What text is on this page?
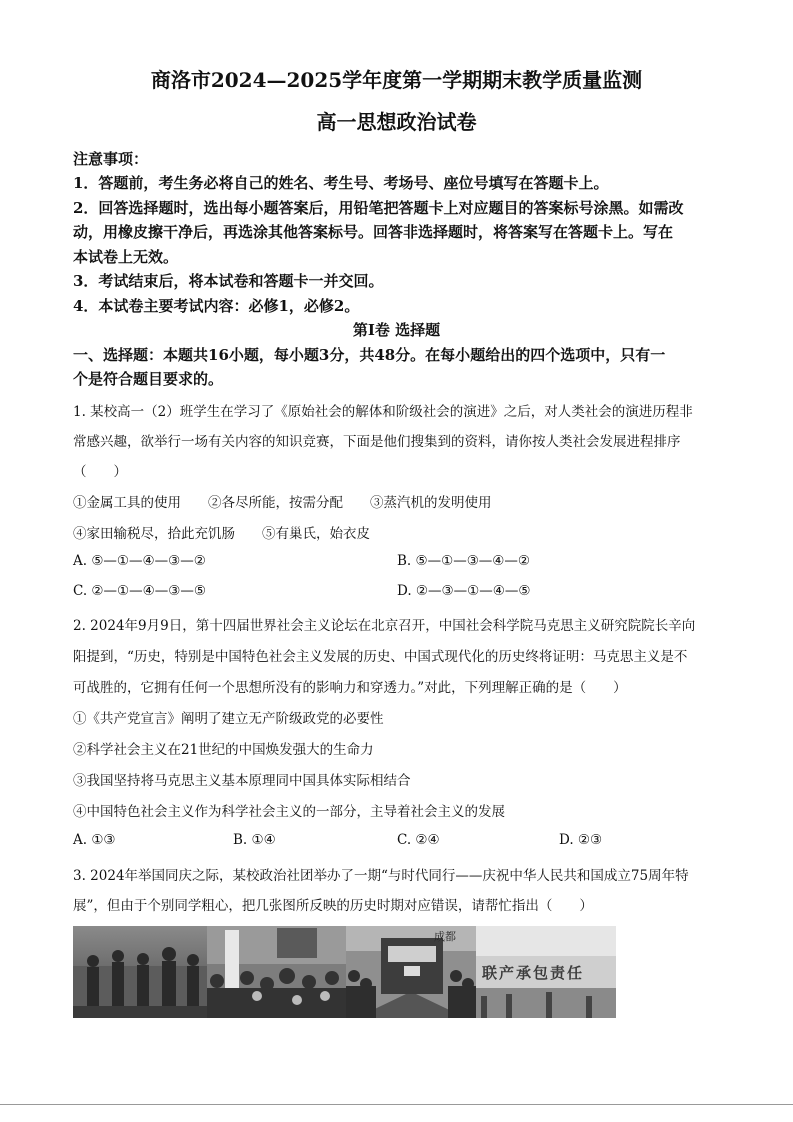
商洛市2024—2025学年度第一学期期末教学质量监测
高一思想政治试卷
注意事项：
1．答题前，考生务必将自己的姓名、考生号、考场号、座位号填写在答题卡上。
2．回答选择题时，选出每小题答案后，用铅笔把答题卡上对应题目的答案标号涂黑。如需改
动，用橡皮擦干净后，再选涂其他答案标号。回答非选择题时，将答案写在答题卡上。写在
本试卷上无效。
3．考试结束后，将本试卷和答题卡一并交回。
4．本试卷主要考试内容：必修1，必修2。
第Ⅰ卷 选择题
一、选择题：本题共16小题，每小题3分，共48分。在每小题给出的四个选项中，只有一
个是符合题目要求的。
1. 某校高一（2）班学生在学习了《原始社会的解体和阶级社会的演进》之后，对人类社会的演进历程非
常感兴趣，欲举行一场有关内容的知识竞赛，下面是他们搜集到的资料，请你按人类社会发展进程排序
（　　）
①金属工具的使用　　②各尽所能，按需分配　　③蒸汽机的发明使用
④家田输税尽，拾此充饥肠　　⑤有巢氏，始衣皮
A. ⑤—①—④—③—②	B. ⑤—①—③—④—②
C. ②—①—④—③—⑤	D. ②—③—①—④—⑤
2. 2024年9月9日，第十四届世界社会主义论坛在北京召开，中国社会科学院马克思主义研究院院长辛向
阳提到，“历史，特别是中国特色社会主义发展的历史、中国式现代化的历史终将证明：马克思主义是不
可战胜的，它拥有任何一个思想所没有的影响力和穿透力。”对此，下列理解正确的是（　　）
①《共产党宣言》阐明了建立无产阶级政党的必要性
②科学社会主义在21世纪的中国焕发强大的生命力
③我国坚持将马克思主义基本原理同中国具体实际相结合
④中国特色社会主义作为科学社会主义的一部分，主导着社会主义的发展
A. ①③	B. ①④	C. ②④	D. ②③
3. 2024年举国同庆之际，某校政治社团举办了一期“与时代同行——庆祝中华人民共和国成立75周年特
展”，但由于个别同学粗心，把几张图所反映的历史时期对应错误，请帮忙指出（　　）
成都
联产承包责任
